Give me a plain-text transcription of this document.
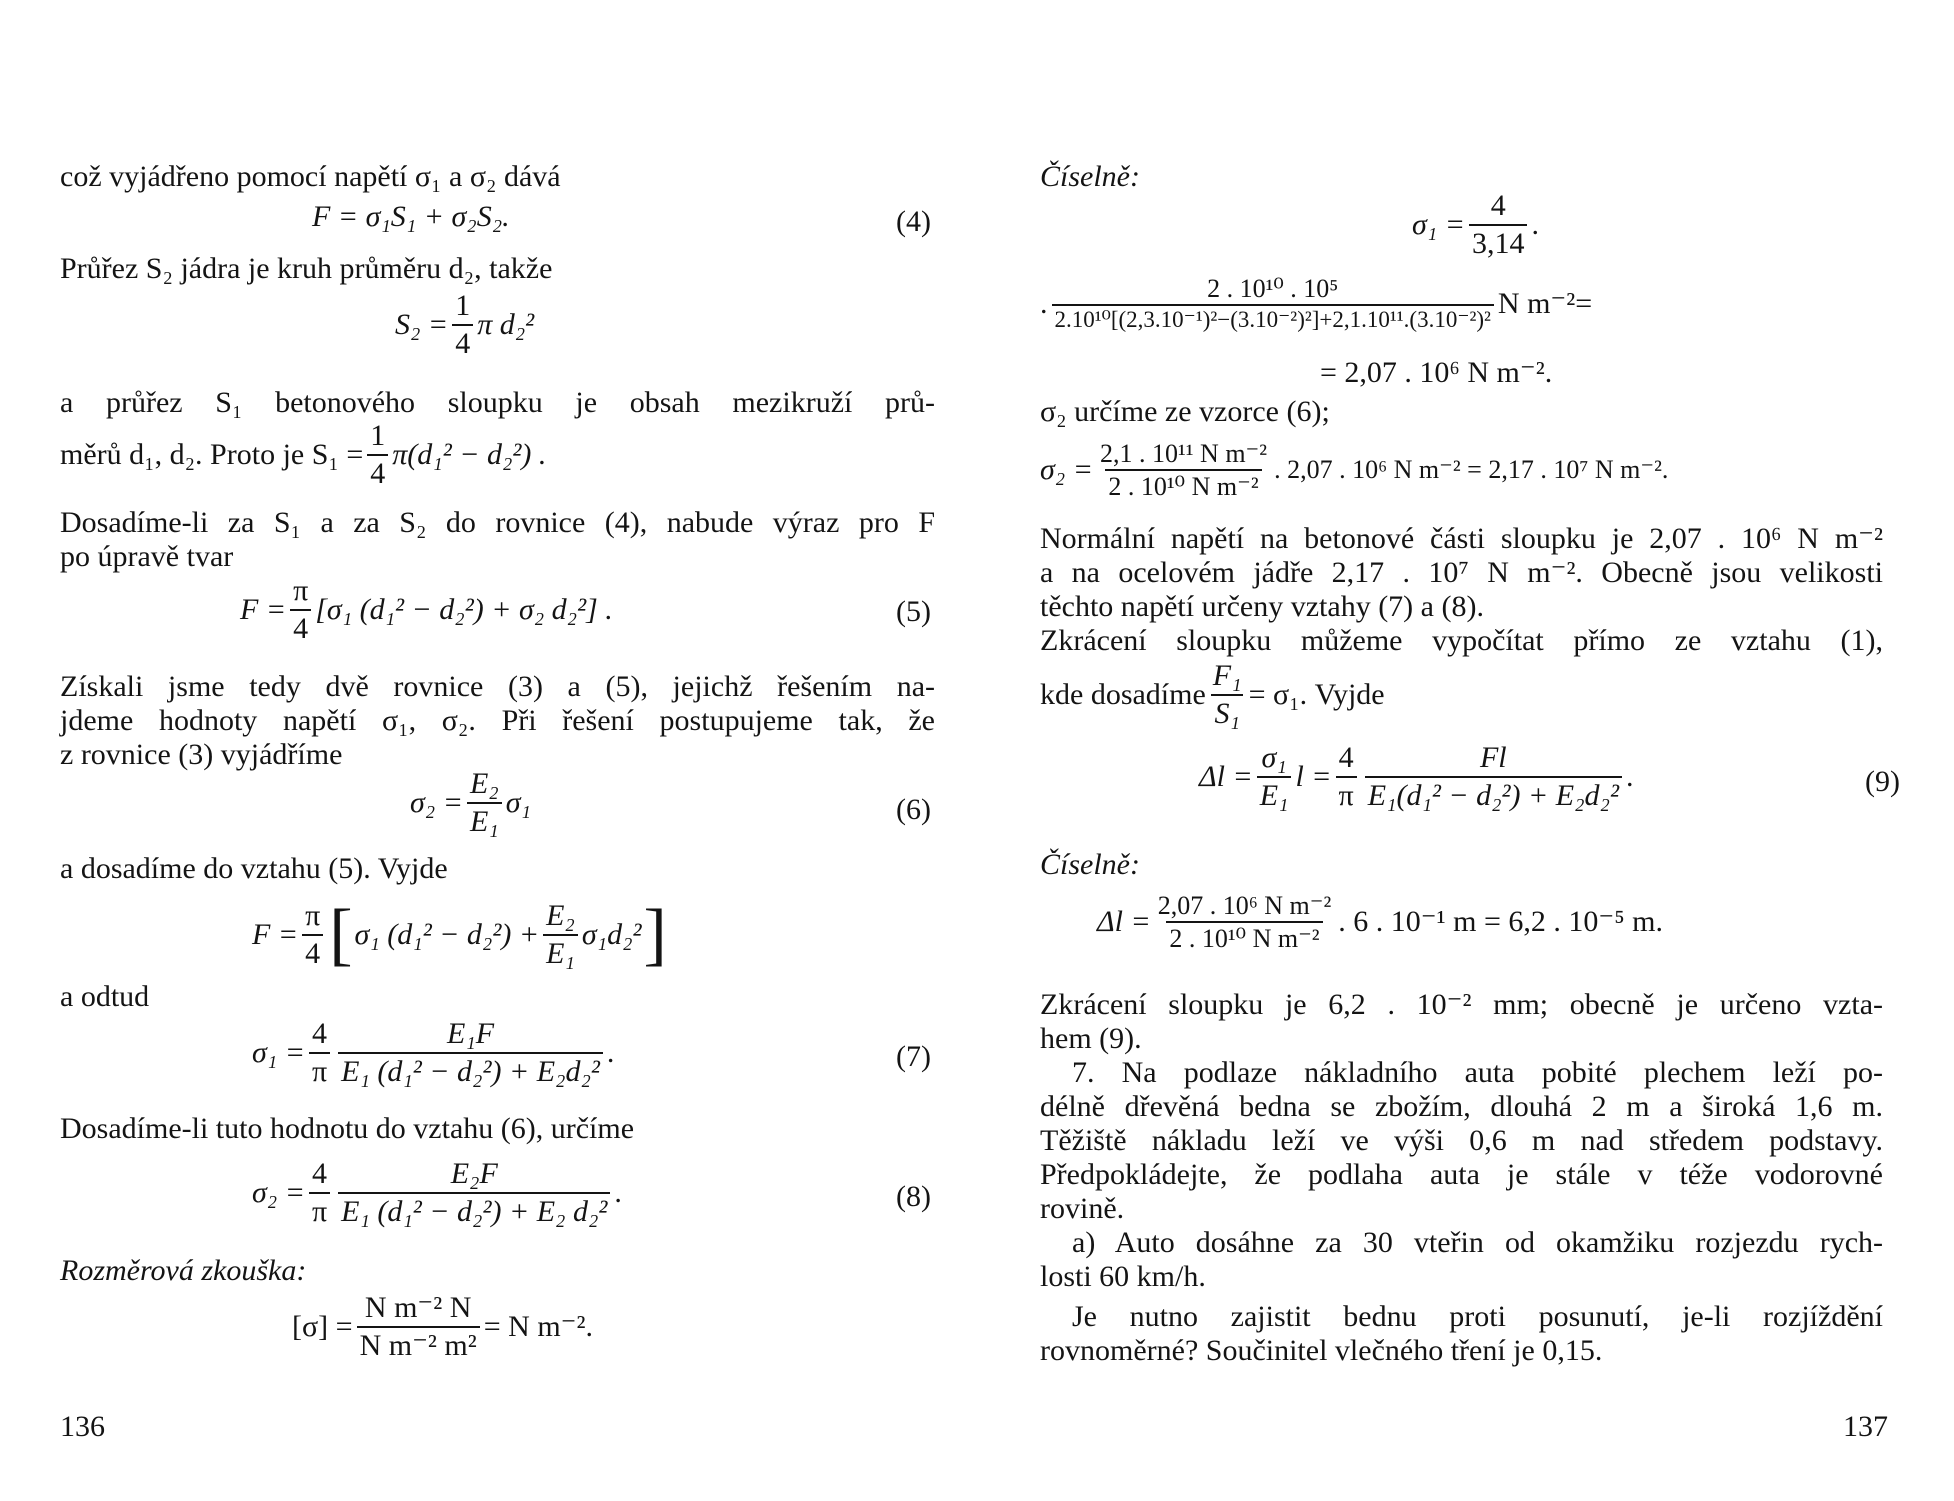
což vyjádřeno pomocí napětí σ₁ a σ₂ dává
F = σ₁S₁ + σ₂S₂.	(4)
Průřez S₂ jádra je kruh průměru d₂, takže
$S_2 = \frac{1}{4}$ π d₂²
a průřez S₁ betonového sloupku je obsah mezikruží prů-
měrů d₁, d₂. Proto je $S_1 = \frac{1}{4} \pi(d_1^2 - d_2^2)$ .
Dosadíme-li za S₁ a za S₂ do rovnice (4), nabude výraz pro F
po úpravě tvar
$F = \frac{\pi}{4} [\sigma_1$ (d₁² − d₂²) + σ₂ d₂²] .	(5)
Získali jsme tedy dvě rovnice (3) a (5), jejichž řešením na-
jdeme hodnoty napětí σ₁, σ₂. Při řešení postupujeme tak, že
z rovnice (3) vyjádříme
$\sigma_2 = \frac{\text{E₂}}{\text{E₁}} \sigma_1$	(6)
a dosadíme do vztahu (5). Vyjde
$F = \frac{\pi}{4}$ [ σ₁ $(d_1^2 - d_2^2) + \frac{\text{E₂}}{\text{E₁}} \sigma_1d_2^2$ ]
a odtud
$\sigma_1 = \frac{4}{\pi} \frac{\text{E₁F}}{\text{E₁ (d₁² − d₂²) + E₂d₂²}}$ .	(7)
Dosadíme-li tuto hodnotu do vztahu (6), určíme
$\sigma_2 = \frac{4}{\pi} \frac{\text{E₂F}}{\text{E₁ (d₁² − d₂²) + E₂ d₂²}}$ .	(8)
Rozměrová zkouška:
$[\sigma] = \frac{\text{N m⁻² N}}{\text{N m⁻² m²}} = N$ m⁻².
136
Číselně:
$\sigma_1 = \frac{4}{3,14}$ .
. $\frac{\text{2 . 10¹⁰ . 10⁵}}{\text{2.10¹⁰[(2,3.10⁻¹)²−(3.10⁻²)²]+2,1.10¹¹.(3.10⁻²)²}}$ N m⁻²=
= 2,07 . 10⁶ N m⁻².
σ₂ určíme ze vzorce (6);
$\sigma_2 = \frac{\text{2,1 . 10¹¹ N m⁻²}}{\text{2 . 10¹⁰ N m⁻²}}$ . 2,07 . 10⁶ N m⁻² = 2,17 . 10⁷ N m⁻².
Normální napětí na betonové části sloupku je 2,07 . 10⁶ N m⁻²
a na ocelovém jádře 2,17 . 10⁷ N m⁻². Obecně jsou velikosti
těchto napětí určeny vztahy (7) a (8).
Zkrácení sloupku můžeme vypočítat přímo ze vztahu (1),
kde dosadíme $\frac{\text{F₁}}{\text{S₁}} = \sigma_1$. Vyjde
$\Delta l = \frac{\text{σ₁}}{\text{E₁}}$ $l = \frac{4}{\pi} \frac{Fl}{\text{E₁(d₁² − d₂²) + E₂d₂²}}$ .	(9)
Číselně:
$\Delta l = \frac{\text{2,07 . 10⁶ N m⁻²}}{\text{2 . 10¹⁰ N m⁻²}}$ . 6 . 10⁻¹ m = 6,2 . 10⁻⁵ m.
Zkrácení sloupku je 6,2 . 10⁻² mm; obecně je určeno vzta-
hem (9).
7. Na podlaze nákladního auta pobité plechem leží po-
délně dřevěná bedna se zbožím, dlouhá 2 m a široká 1,6 m.
Těžiště nákladu leží ve výši 0,6 m nad středem podstavy.
Předpokládejte, že podlaha auta je stále v téže vodorovné
rovině.
a) Auto dosáhne za 30 vteřin od okamžiku rozjezdu rych-
losti 60 km/h.
Je nutno zajistit bednu proti posunutí, je-li rozjíždění
rovnoměrné? Součinitel vlečného tření je 0,15.
137
